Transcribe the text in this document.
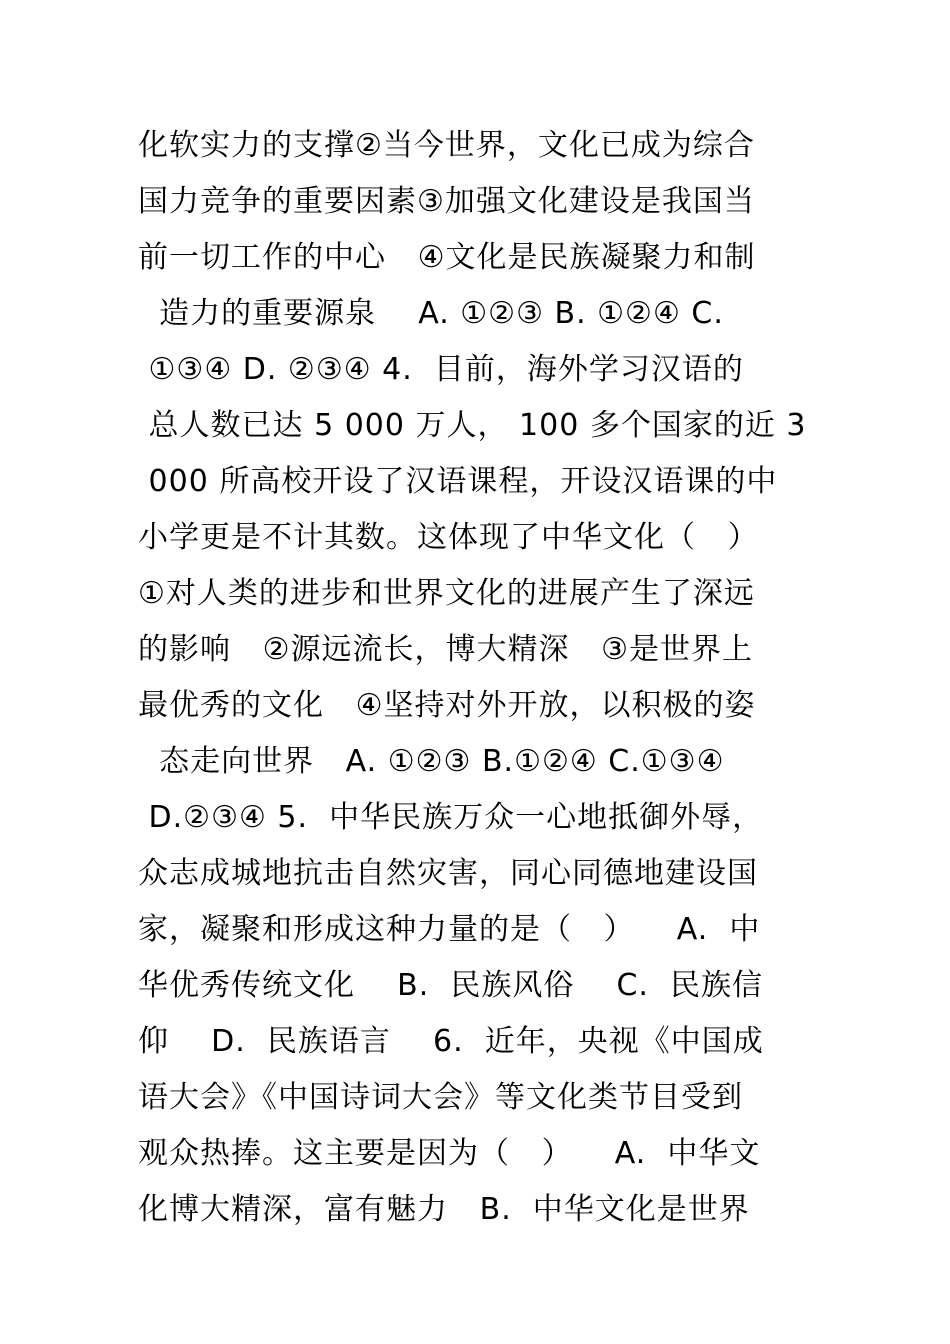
化软实力的支撑②当今世界，文化已成为综合
国力竞争的重要因素③加强文化建设是我国当
前一切工作的中心   ④文化是民族凝聚力和制
造力的重要源泉    A. ①②③ B. ①②④ C.
①③④ D. ②③④ 4.  目前，海外学习汉语的
总人数已达 5 000 万人， 100 多个国家的近 3
000 所高校开设了汉语课程，开设汉语课的中
小学更是不计其数。这体现了中华文化（   ）
①对人类的进步和世界文化的进展产生了深远
的影响   ②源远流长，博大精深   ③是世界上
最优秀的文化   ④坚持对外开放，以积极的姿
态走向世界   A. ①②③ B.①②④ C.①③④
D.②③④ 5.  中华民族万众一心地抵御外辱，
众志成城地抗击自然灾害，同心同德地建设国
家，凝聚和形成这种力量的是（   ）    A.  中
华优秀传统文化    B.  民族风俗    C.  民族信
仰    D.  民族语言    6.  近年，央视《中国成
语大会》《中国诗词大会》等文化类节目受到
观众热捧。这主要是因为（   ）    A.  中华文
化博大精深，富有魅力   B.  中华文化是世界
